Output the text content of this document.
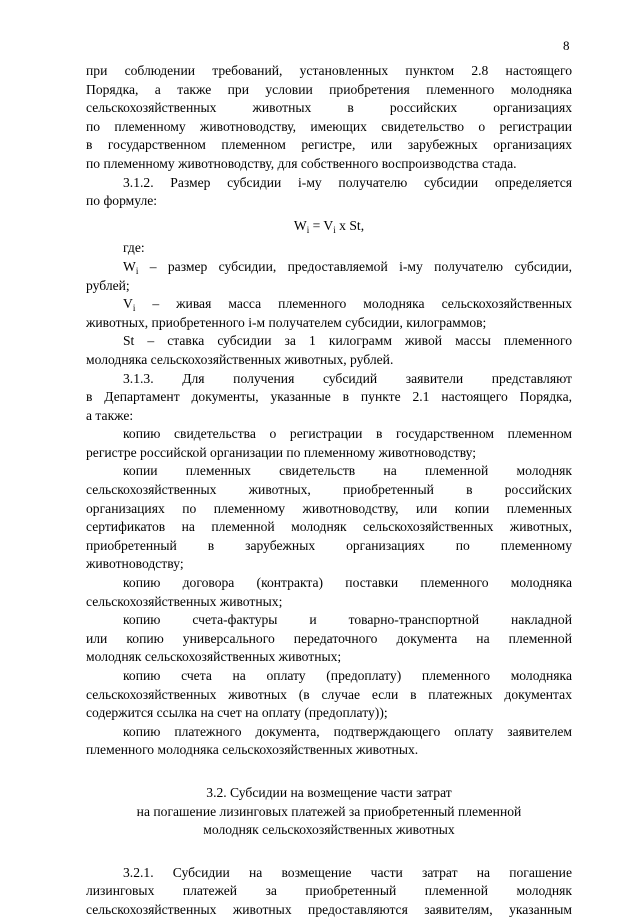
8

при соблюдении требований, установленных пунктом 2.8 настоящего

Порядка, а также при условии приобретения племенного молодняка

сельскохозяйственных животных в российских организациях

по племенному животноводству, имеющих свидетельство о регистрации

в государственном племенном регистре, или зарубежных организациях

по племенному животноводству, для собственного воспроизводства стада.

3.1.2. Размер субсидии i-му получателю субсидии определяется

по формуле:

$W_i = V_i$ x St,

где:

$W_i$ – размер субсидии, предоставляемой i-му получателю субсидии,

рублей;

$V_i$ – живая масса племенного молодняка сельскохозяйственных

животных, приобретенного i-м получателем субсидии, килограммов;

St – ставка субсидии за 1 килограмм живой массы племенного

молодняка сельскохозяйственных животных, рублей.

3.1.3. Для получения субсидий заявители представляют

в Департамент документы, указанные в пункте 2.1 настоящего Порядка,

а также:

копию свидетельства о регистрации в государственном племенном

регистре российской организации по племенному животноводству;

копии племенных свидетельств на племенной молодняк

сельскохозяйственных животных, приобретенный в российских

организациях по племенному животноводству, или копии племенных

сертификатов на племенной молодняк сельскохозяйственных животных,

приобретенный в зарубежных организациях по племенному

животноводству;

копию договора (контракта) поставки племенного молодняка

сельскохозяйственных животных;

копию счета-фактуры и товарно-транспортной накладной

или копию универсального передаточного документа на племенной

молодняк сельскохозяйственных животных;

копию счета на оплату (предоплату) племенного молодняка

сельскохозяйственных животных (в случае если в платежных документах

содержится ссылка на счет на оплату (предоплату));

копию платежного документа, подтверждающего оплату заявителем

племенного молодняка сельскохозяйственных животных.

3.2. Субсидии на возмещение части затрат

на погашение лизинговых платежей за приобретенный племенной

молодняк сельскохозяйственных животных

3.2.1. Субсидии на возмещение части затрат на погашение

лизинговых платежей за приобретенный племенной молодняк

сельскохозяйственных животных предоставляются заявителям, указанным
